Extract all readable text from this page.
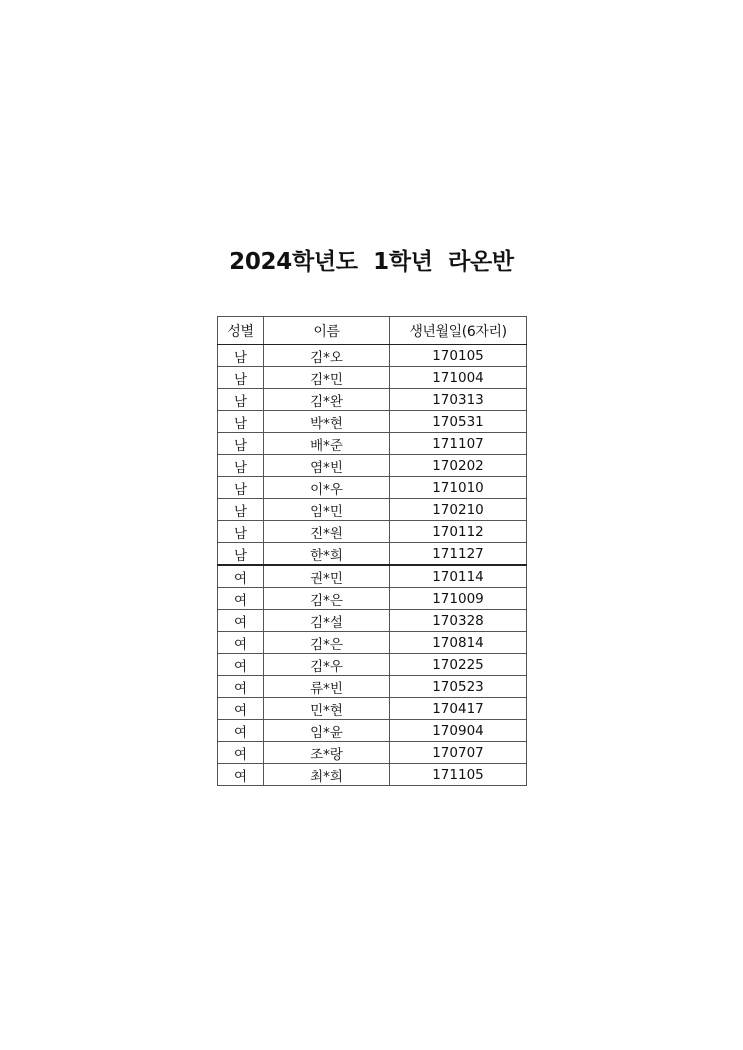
2024학년도  1학년  라온반
성별	이름	생년월일(6자리)
남	김*오	170105
남	김*민	171004
남	김*완	170313
남	박*현	170531
남	배*준	171107
남	염*빈	170202
남	이*우	171010
남	임*민	170210
남	진*원	170112
남	한*희	171127
여	권*민	170114
여	김*은	171009
여	김*설	170328
여	김*은	170814
여	김*우	170225
여	류*빈	170523
여	민*현	170417
여	임*윤	170904
여	조*랑	170707
여	최*희	171105
